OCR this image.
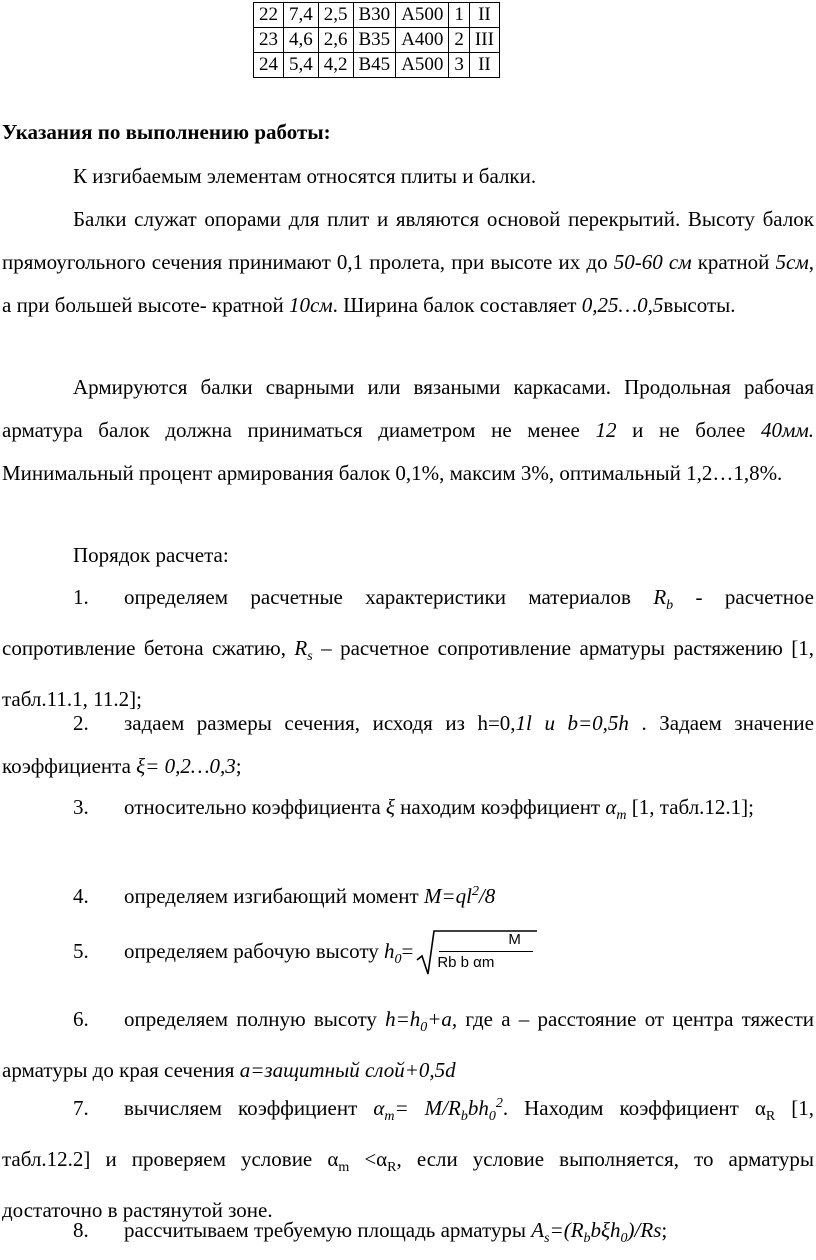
22	7,4	2,5	B30	A500	1	II
23	4,6	2,6	B35	A400	2	III
24	5,4	4,2	B45	A500	3	II
Указания по выполнению работы:
К изгибаемым элементам относятся плиты и балки.
Балки служат опорами для плит и являются основой перекрытий. Высоту балок прямоугольного сечения принимают 0,1 пролета, при высоте их до 50-60 см кратной 5см, а при большей высоте- кратной 10см. Ширина балок составляет 0,25…0,5высоты.
Армируются балки сварными или вязаными каркасами. Продольная рабочая арматура балок должна приниматься диаметром не менее 12 и не более 40мм. Минимальный процент армирования балок 0,1%, максим 3%, оптимальный 1,2…1,8%.
Порядок расчета:
1. определяем расчетные характеристики материалов $R_b$ - расчетное сопротивление бетона сжатию, $R_s$ – расчетное сопротивление арматуры растяжению [1, табл.11.1, 11.2];
2. задаем размеры сечения, исходя из h=0,1l и b=0,5h . Задаем значение коэффициента ξ= 0,2…0,3;
3. относительно коэффициента ξ находим коэффициент $\alpha_m$ [1, табл.12.1];
4. определяем изгибающий момент $M=ql^2/8$
5. определяем рабочую высоту $h_0=$	M
Rb b αm
6. определяем полную высоту $h=h_0+a$, где а – расстояние от центра тяжести арматуры до края сечения a=защитный слой+0,5d
7. вычисляем коэффициент $\alpha_m= M/R_bbh_0^2$. Находим коэффициент $\alpha_R$ [1, табл.12.2] и проверяем условие $\alpha_m <\alpha_R$, если условие выполняется, то арматуры достаточно в растянутой зоне.
8. рассчитываем требуемую площадь арматуры $A_s=(R_bb\xi h_0)/Rs$;
